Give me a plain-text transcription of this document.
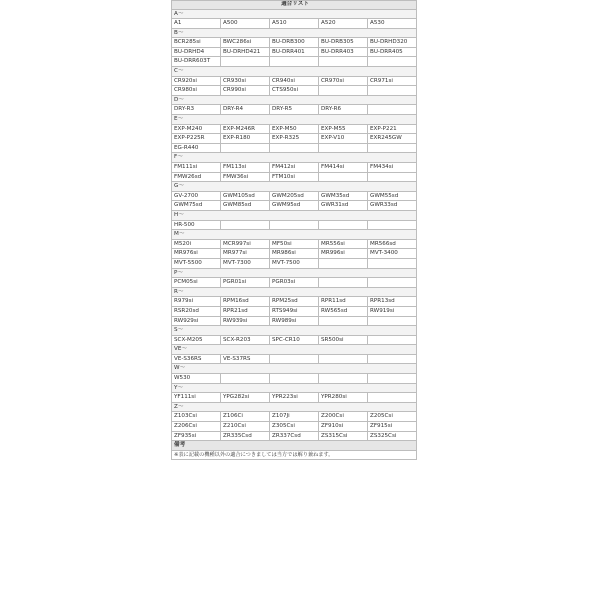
適合リスト				
A〜				
A1	A500	A510	A520	A530
B〜				
BCR285si	BWC286si	BU-DRB300	BU-DRB305	BU-DRHD320
BU-DRHD4	BU-DRHD421	BU-DRR401	BU-DRR403	BU-DRR405
BU-DRR603T				
C〜				
CR920si	CR930si	CR940si	CR970si	CR971si
CR980si	CR990si	CTS950si		
D〜				
DRY-R3	DRY-R4	DRY-R5	DRY-R6	
E〜				
EXP-M240	EXP-M246R	EXP-M50	EXP-M55	EXP-P221
EXP-P225R	EXP-R180	EXP-R325	EXP-V10	EXR245GW
EG-R440				
F〜				
FM111si	FM113si	FM412si	FM414si	FM434si
FMW26sd	FMW36si	FTM10si		
G〜				
GV-2700	GWM105sd	GWM205sd	GWM35sd	GWM55sd
GWM75sd	GWM85sd	GWM95sd	GWR31sd	GWR33sd
H〜				
HR-500				
M〜				
M520i	MCR997si	MF50si	MR556si	MR566sd
MR976si	MR977si	MR986si	MR996si	MVT-3400
MVT-5500	MVT-7300	MVT-7500		
P〜				
PCM05si	PGR01si	PGR03si		
R〜				
R979si	RPM16sd	RPM25sd	RPR11sd	RPR13sd
RSR20sd	RPR21sd	RTS949si	RW565sd	RW919si
RW929si	RW939si	RW989si		
S〜				
SCX-M205	SCX-R203	SPC-CR10	SR500si	
VE〜				
VE-S36RS	VE-S37RS			
W〜				
W530				
Y〜				
YF111si	YPG282si	YPR223si	YPR280si	
Z〜				
Z103Csi	Z106Ci	Z107Ji	Z200Csi	Z205Csi
Z206Csi	Z210Csi	Z305Csi	ZF910si	ZF915si
ZF935si	ZR335Csd	ZR337Csd	ZS315Csi	ZS325Csi
備考				
※表に記載の機種以外の適合につきましては当方では解り兼ねます。				
